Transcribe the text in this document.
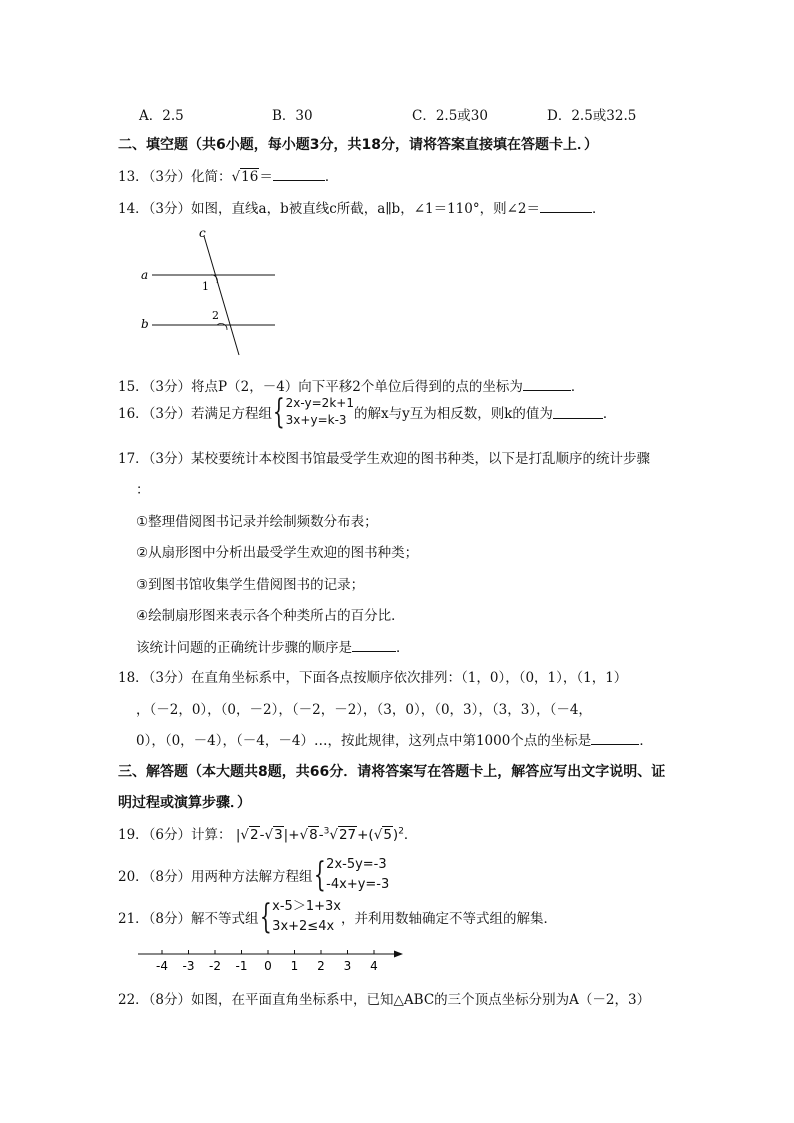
A．2.5	B．30	C．2.5或30	D．2.5或32.5
二、填空题（共6小题，每小题3分，共18分，请将答案直接填在答题卡上．）
13．（3分）化简：√16＝	．
14．（3分）如图，直线a，b被直线c所截，a∥b，∠1＝110°，则∠2＝	．
c
a
b
1
2
15．（3分）将点P（2，－4）向下平移2个单位后得到的点的坐标为	．
16．（3分）若满足方程组 { 2x-y=2k+1
3x+y=k-3 的解x与y互为相反数，则k的值为	．
17．（3分）某校要统计本校图书馆最受学生欢迎的图书种类，以下是打乱顺序的统计步骤
：
①整理借阅图书记录并绘制频数分布表；
②从扇形图中分析出最受学生欢迎的图书种类；
③到图书馆收集学生借阅图书的记录；
④绘制扇形图来表示各个种类所占的百分比．
该统计问题的正确统计步骤的顺序是	．
18．（3分）在直角坐标系中，下面各点按顺序依次排列：（1，0），（0，1），（1，1）
，（－2，0），（0，－2），（－2，－2），（3，0），（0，3），（3，3），（－4，
0），（0，－4），（－4，－4）…，按此规律，这列点中第1000个点的坐标是	．
三、解答题（本大题共8题，共66分．请将答案写在答题卡上，解答应写出文字说明、证
明过程或演算步骤．）
19．（6分）计算： $|√2-√3|+√8-^3√27+(√5)^2$．
20．（8分）用两种方法解方程组 { 2x-5y=-3
-4x+y=-3
21．（8分）解不等式组 { x-5＞1+3x
3x+2≤4x ，并利用数轴确定不等式组的解集．
-4 -3 -2 -1 0 1 2 3 4
22．（8分）如图，在平面直角坐标系中，已知△ABC的三个顶点坐标分别为A（－2，3）
